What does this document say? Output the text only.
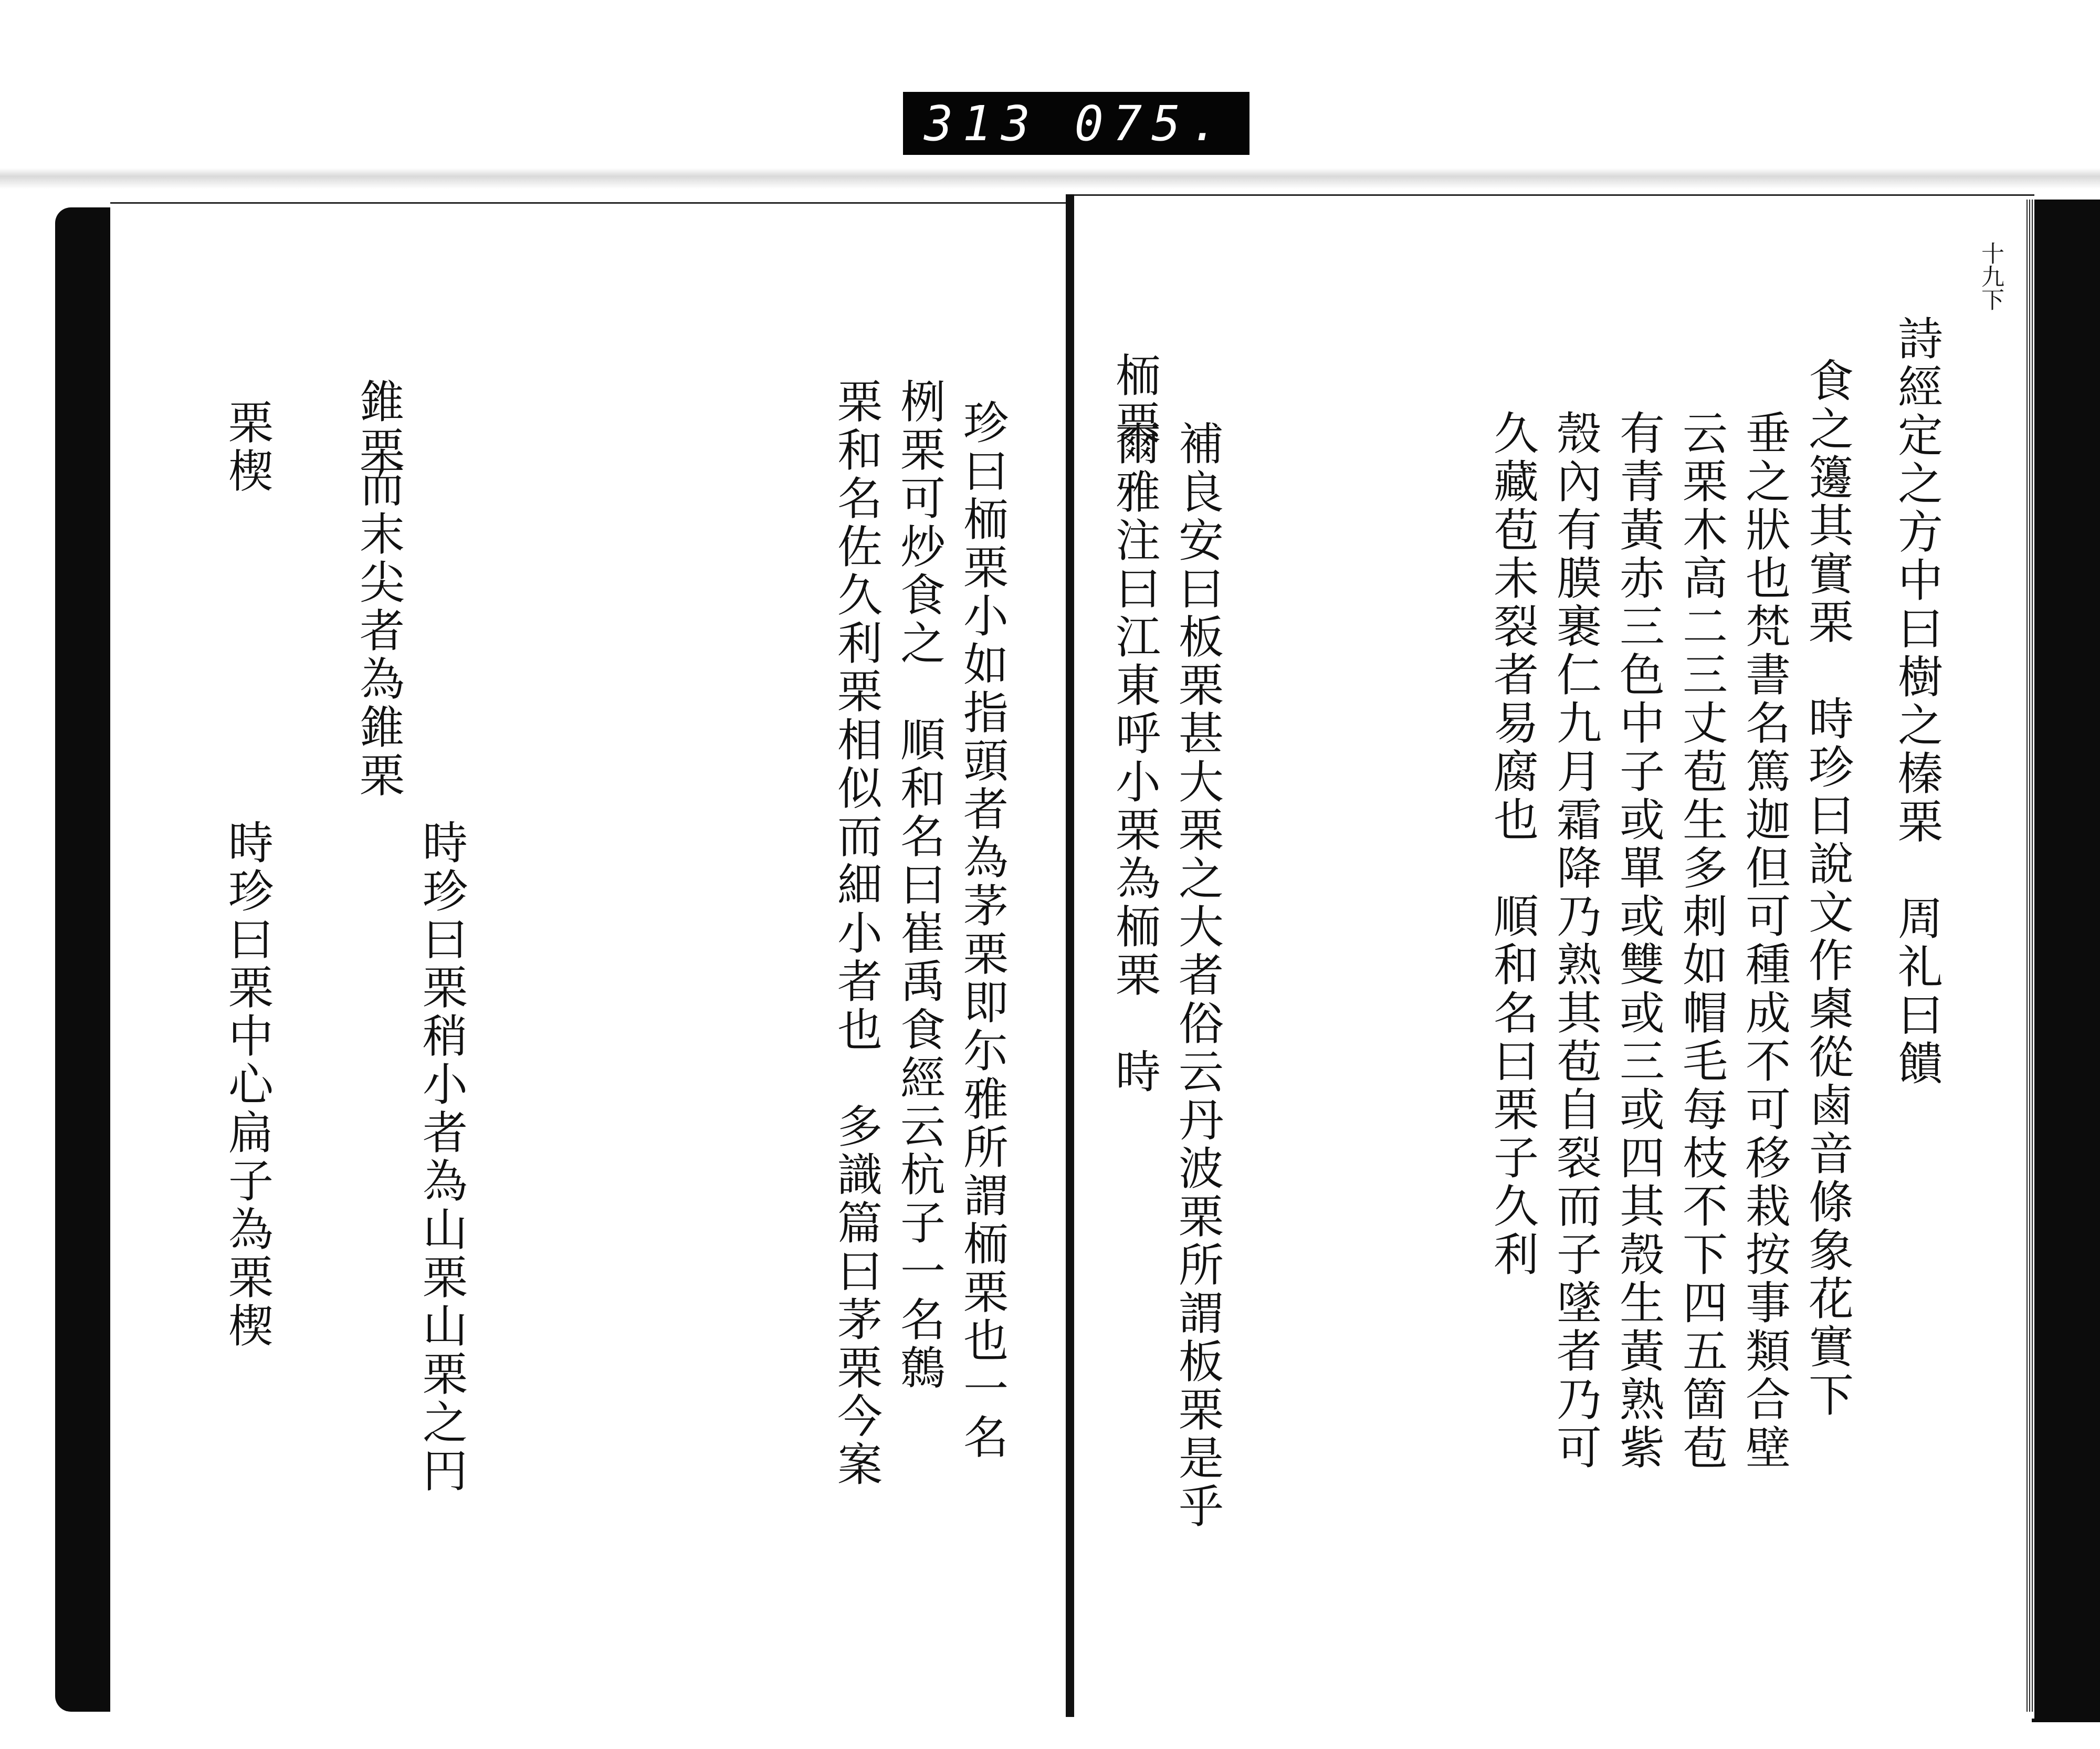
313 075.
十九下
詩經定之方中曰樹之榛栗　周礼曰饋
食之籩其實栗　時珍曰說文作㮚從鹵音條象花實下
垂之狀也梵書名篤迦但可種成不可移栽按事類合壁
云栗木高二三丈苞生多刺如帽毛每枝不下四五箇苞
有青黃赤三色中子或單或雙或三或四其殼生黃熟紫
殼內有膜裹仁九月霜降乃熟其苞自裂而子墜者乃可
久藏苞未裂者易腐也　順和名曰栗子久利
補良安曰板栗甚大栗之大者俗云丹波栗所謂板栗是乎
爾雅注曰江東呼小栗為栭栗　時
栭栗
珍曰栭栗小如指頭者為茅栗即尓雅所謂栭栗也一名
栵栗可炒食之　順和名曰崔禹食經云杭子一名鷯
栗和名佐久利栗相似而細小者也　多識篇曰茅栗今案
時珍曰栗稍小者為山栗山栗之円
而末尖者為錐栗
錐栗
時珍曰栗中心扁子為栗楔
栗楔
